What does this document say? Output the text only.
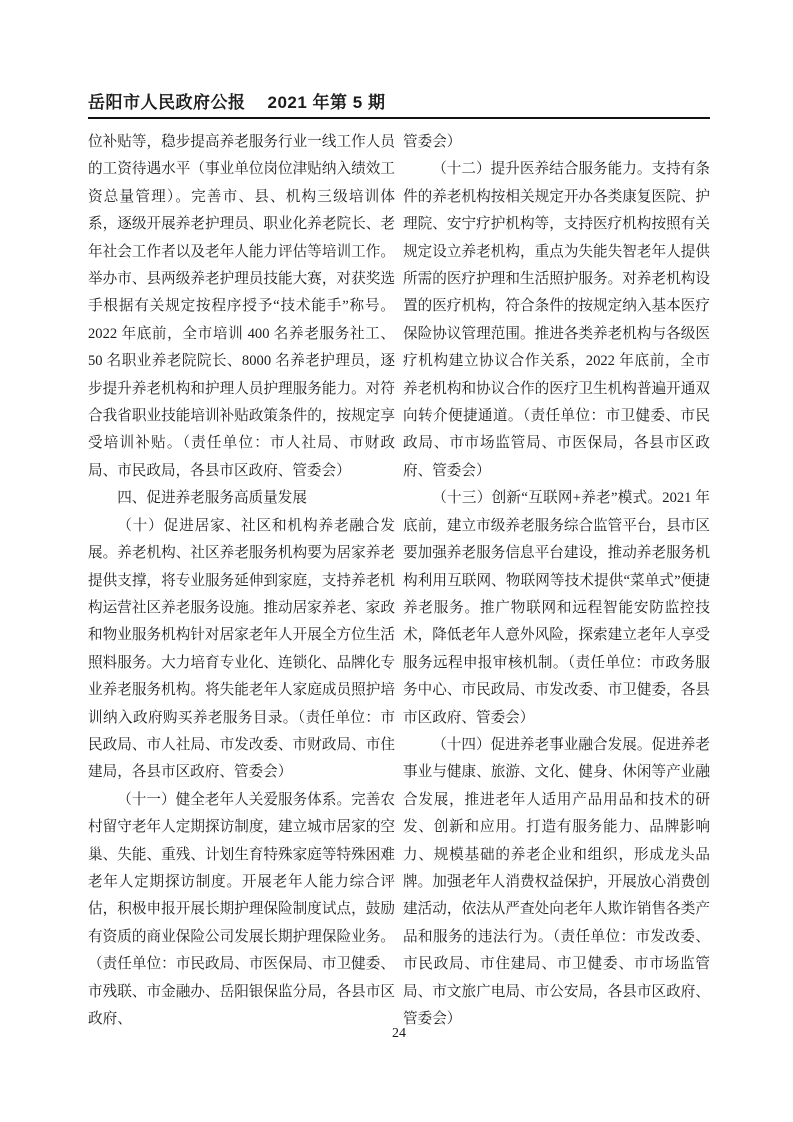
岳阳市人民政府公报 2021 年第 5 期

位补贴等，稳步提高养老服务行业一线工作人员的工资待遇水平（事业单位岗位津贴纳入绩效工资总量管理）。完善市、县、机构三级培训体系，逐级开展养老护理员、职业化养老院长、老年社会工作者以及老年人能力评估等培训工作。举办市、县两级养老护理员技能大赛，对获奖选手根据有关规定按程序授予“技术能手”称号。2022 年底前，全市培训 400 名养老服务社工、50 名职业养老院院长、8000 名养老护理员，逐步提升养老机构和护理人员护理服务能力。对符合我省职业技能培训补贴政策条件的，按规定享受培训补贴。（责任单位：市人社局、市财政局、市民政局，各县市区政府、管委会）

四、促进养老服务高质量发展

（十）促进居家、社区和机构养老融合发展。养老机构、社区养老服务机构要为居家养老提供支撑，将专业服务延伸到家庭，支持养老机构运营社区养老服务设施。推动居家养老、家政和物业服务机构针对居家老年人开展全方位生活照料服务。大力培育专业化、连锁化、品牌化专业养老服务机构。将失能老年人家庭成员照护培训纳入政府购买养老服务目录。（责任单位：市民政局、市人社局、市发改委、市财政局、市住建局，各县市区政府、管委会）

（十一）健全老年人关爱服务体系。完善农村留守老年人定期探访制度，建立城市居家的空巢、失能、重残、计划生育特殊家庭等特殊困难老年人定期探访制度。开展老年人能力综合评估，积极申报开展长期护理保险制度试点，鼓励有资质的商业保险公司发展长期护理保险业务。（责任单位：市民政局、市医保局、市卫健委、市残联、市金融办、岳阳银保监分局，各县市区政府、

管委会）

（十二）提升医养结合服务能力。支持有条件的养老机构按相关规定开办各类康复医院、护理院、安宁疗护机构等，支持医疗机构按照有关规定设立养老机构，重点为失能失智老年人提供所需的医疗护理和生活照护服务。对养老机构设置的医疗机构，符合条件的按规定纳入基本医疗保险协议管理范围。推进各类养老机构与各级医疗机构建立协议合作关系，2022 年底前，全市养老机构和协议合作的医疗卫生机构普遍开通双向转介便捷通道。（责任单位：市卫健委、市民政局、市市场监管局、市医保局，各县市区政府、管委会）

（十三）创新“互联网+养老”模式。2021 年底前，建立市级养老服务综合监管平台，县市区要加强养老服务信息平台建设，推动养老服务机构利用互联网、物联网等技术提供“菜单式”便捷养老服务。推广物联网和远程智能安防监控技术，降低老年人意外风险，探索建立老年人享受服务远程申报审核机制。（责任单位：市政务服务中心、市民政局、市发改委、市卫健委，各县市区政府、管委会）

（十四）促进养老事业融合发展。促进养老事业与健康、旅游、文化、健身、休闲等产业融合发展，推进老年人适用产品用品和技术的研发、创新和应用。打造有服务能力、品牌影响力、规模基础的养老企业和组织，形成龙头品牌。加强老年人消费权益保护，开展放心消费创建活动，依法从严查处向老年人欺诈销售各类产品和服务的违法行为。（责任单位：市发改委、市民政局、市住建局、市卫健委、市市场监管局、市文旅广电局、市公安局，各县市区政府、管委会）

24
